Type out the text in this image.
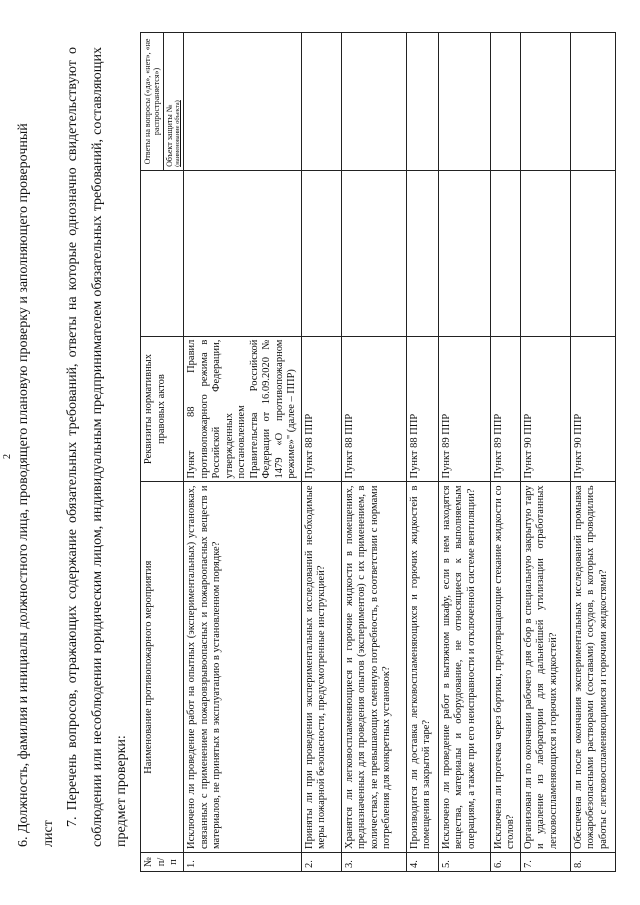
2 6. Должность, фамилия и инициалы должностного лица, проводящего плановую проверку и заполняющего проверочный лист

7. Перечень вопросов, отражающих содержание обязательных требований, ответы на которые однозначно свидетельствуют о соблюдении или несоблюдении юридическим лицом, индивидуальным предпринимателем обязательных требований, составляющих предмет проверки:

№ п/п	Наименование противопожарного мероприятия	Реквизиты нормативных правовых актов		Ответы на вопросы («да», «нет», «не распространяется»)
Объект защиты № (наименование объекта)

1.	Исключено ли проведение работ на опытных (экспериментальных) установках, связанных с применением пожаровзрывоопасных и пожароопасных веществ и материалов, не принятых в эксплуатацию в установленном порядке?	Пункт 88 Правил противопожарного режима в Российской Федерации, утвержденных постановлением Правительства Российской Федерации от 16.09.2020 № 1479 «О противопожарном режиме»" (далее – ППР)		
2.	Приняты ли при проведении экспериментальных исследований необходимые меры пожарной безопасности, предусмотренные инструкцией?	Пункт 88 ППР		
3.	Хранятся ли легковоспламеняющиеся и горючие жидкости в помещениях, предназначенных для проведения опытов (экспериментов) с их применением, в количествах, не превышающих сменную потребность, в соответствии с нормами потребления для конкретных установок?	Пункт 88 ППР		
4.	Производится ли доставка легковоспламеняющихся и горючих жидкостей в помещения в закрытой таре?	Пункт 88 ППР		
5.	Исключено ли проведение работ в вытяжном шкафу, если в нем находятся вещества, материалы и оборудование, не относящиеся к выполняемым операциям, а также при его неисправности и отключенной системе вентиляции?	Пункт 89 ППР		
6.	Исключена ли протечка через бортики, предотвращающие стекание жидкости со столов?	Пункт 89 ППР		
7.	Организован ли по окончании рабочего дня сбор в специальную закрытую тару и удаление из лаборатории для дальнейшей утилизации отработанных легковоспламеняющихся и горючих жидкостей?	Пункт 90 ППР		
8.	Обеспечена ли после окончания экспериментальных исследований промывка пожаробезопасными растворами (составами) сосудов, в которых проводились работы с легковоспламеняющимися и горючими жидкостями?	Пункт 90 ППР		
